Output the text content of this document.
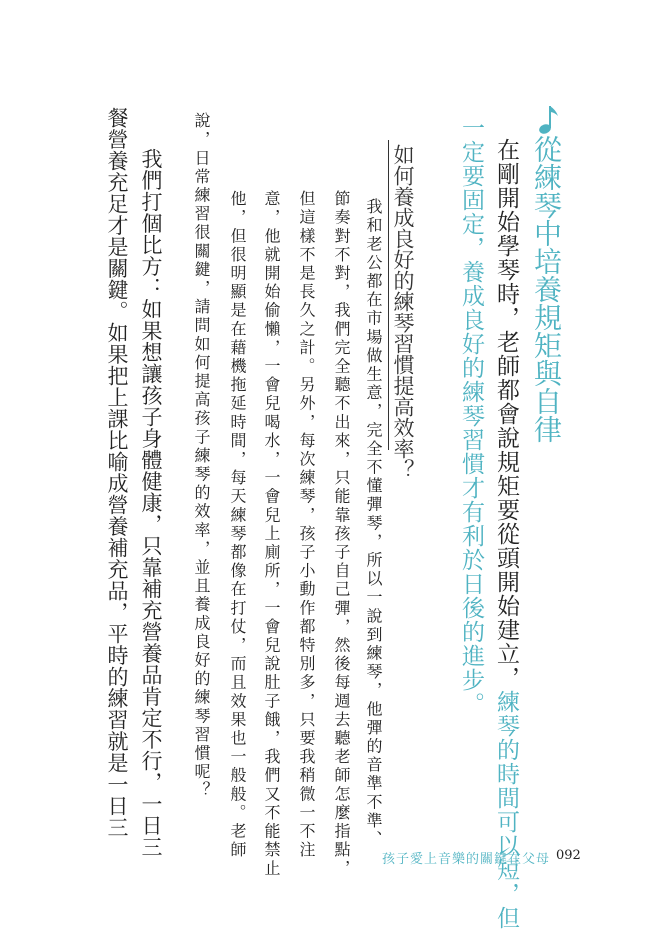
從練琴中培養規矩與自律
在剛開始學琴時，老師都會說規矩要從頭開始建立，練琴的時間可以短，但
一定要固定，養成良好的練琴習慣才有利於日後的進步。
如何養成良好的練琴習慣提高效率？
我和老公都在市場做生意，完全不懂彈琴，所以一說到練琴，他彈的音準不準、
節奏對不對，我們完全聽不出來，只能靠孩子自己彈，然後每週去聽老師怎麼指點，
但這樣不是長久之計。另外，每次練琴，孩子小動作都特別多，只要我稍微一不注
意，他就開始偷懶，一會兒喝水，一會兒上廁所，一會兒說肚子餓，我們又不能禁止
他，但很明顯是在藉機拖延時間，每天練琴都像在打仗，而且效果也一般般。老師
說，日常練習很關鍵，請問如何提高孩子練琴的效率，並且養成良好的練琴習慣呢？
我們打個比方：如果想讓孩子身體健康，只靠補充營養品肯定不行，一日三
餐營養充足才是關鍵。如果把上課比喻成營養補充品，平時的練習就是一日三
孩子愛上音樂的關鍵在父母 092
